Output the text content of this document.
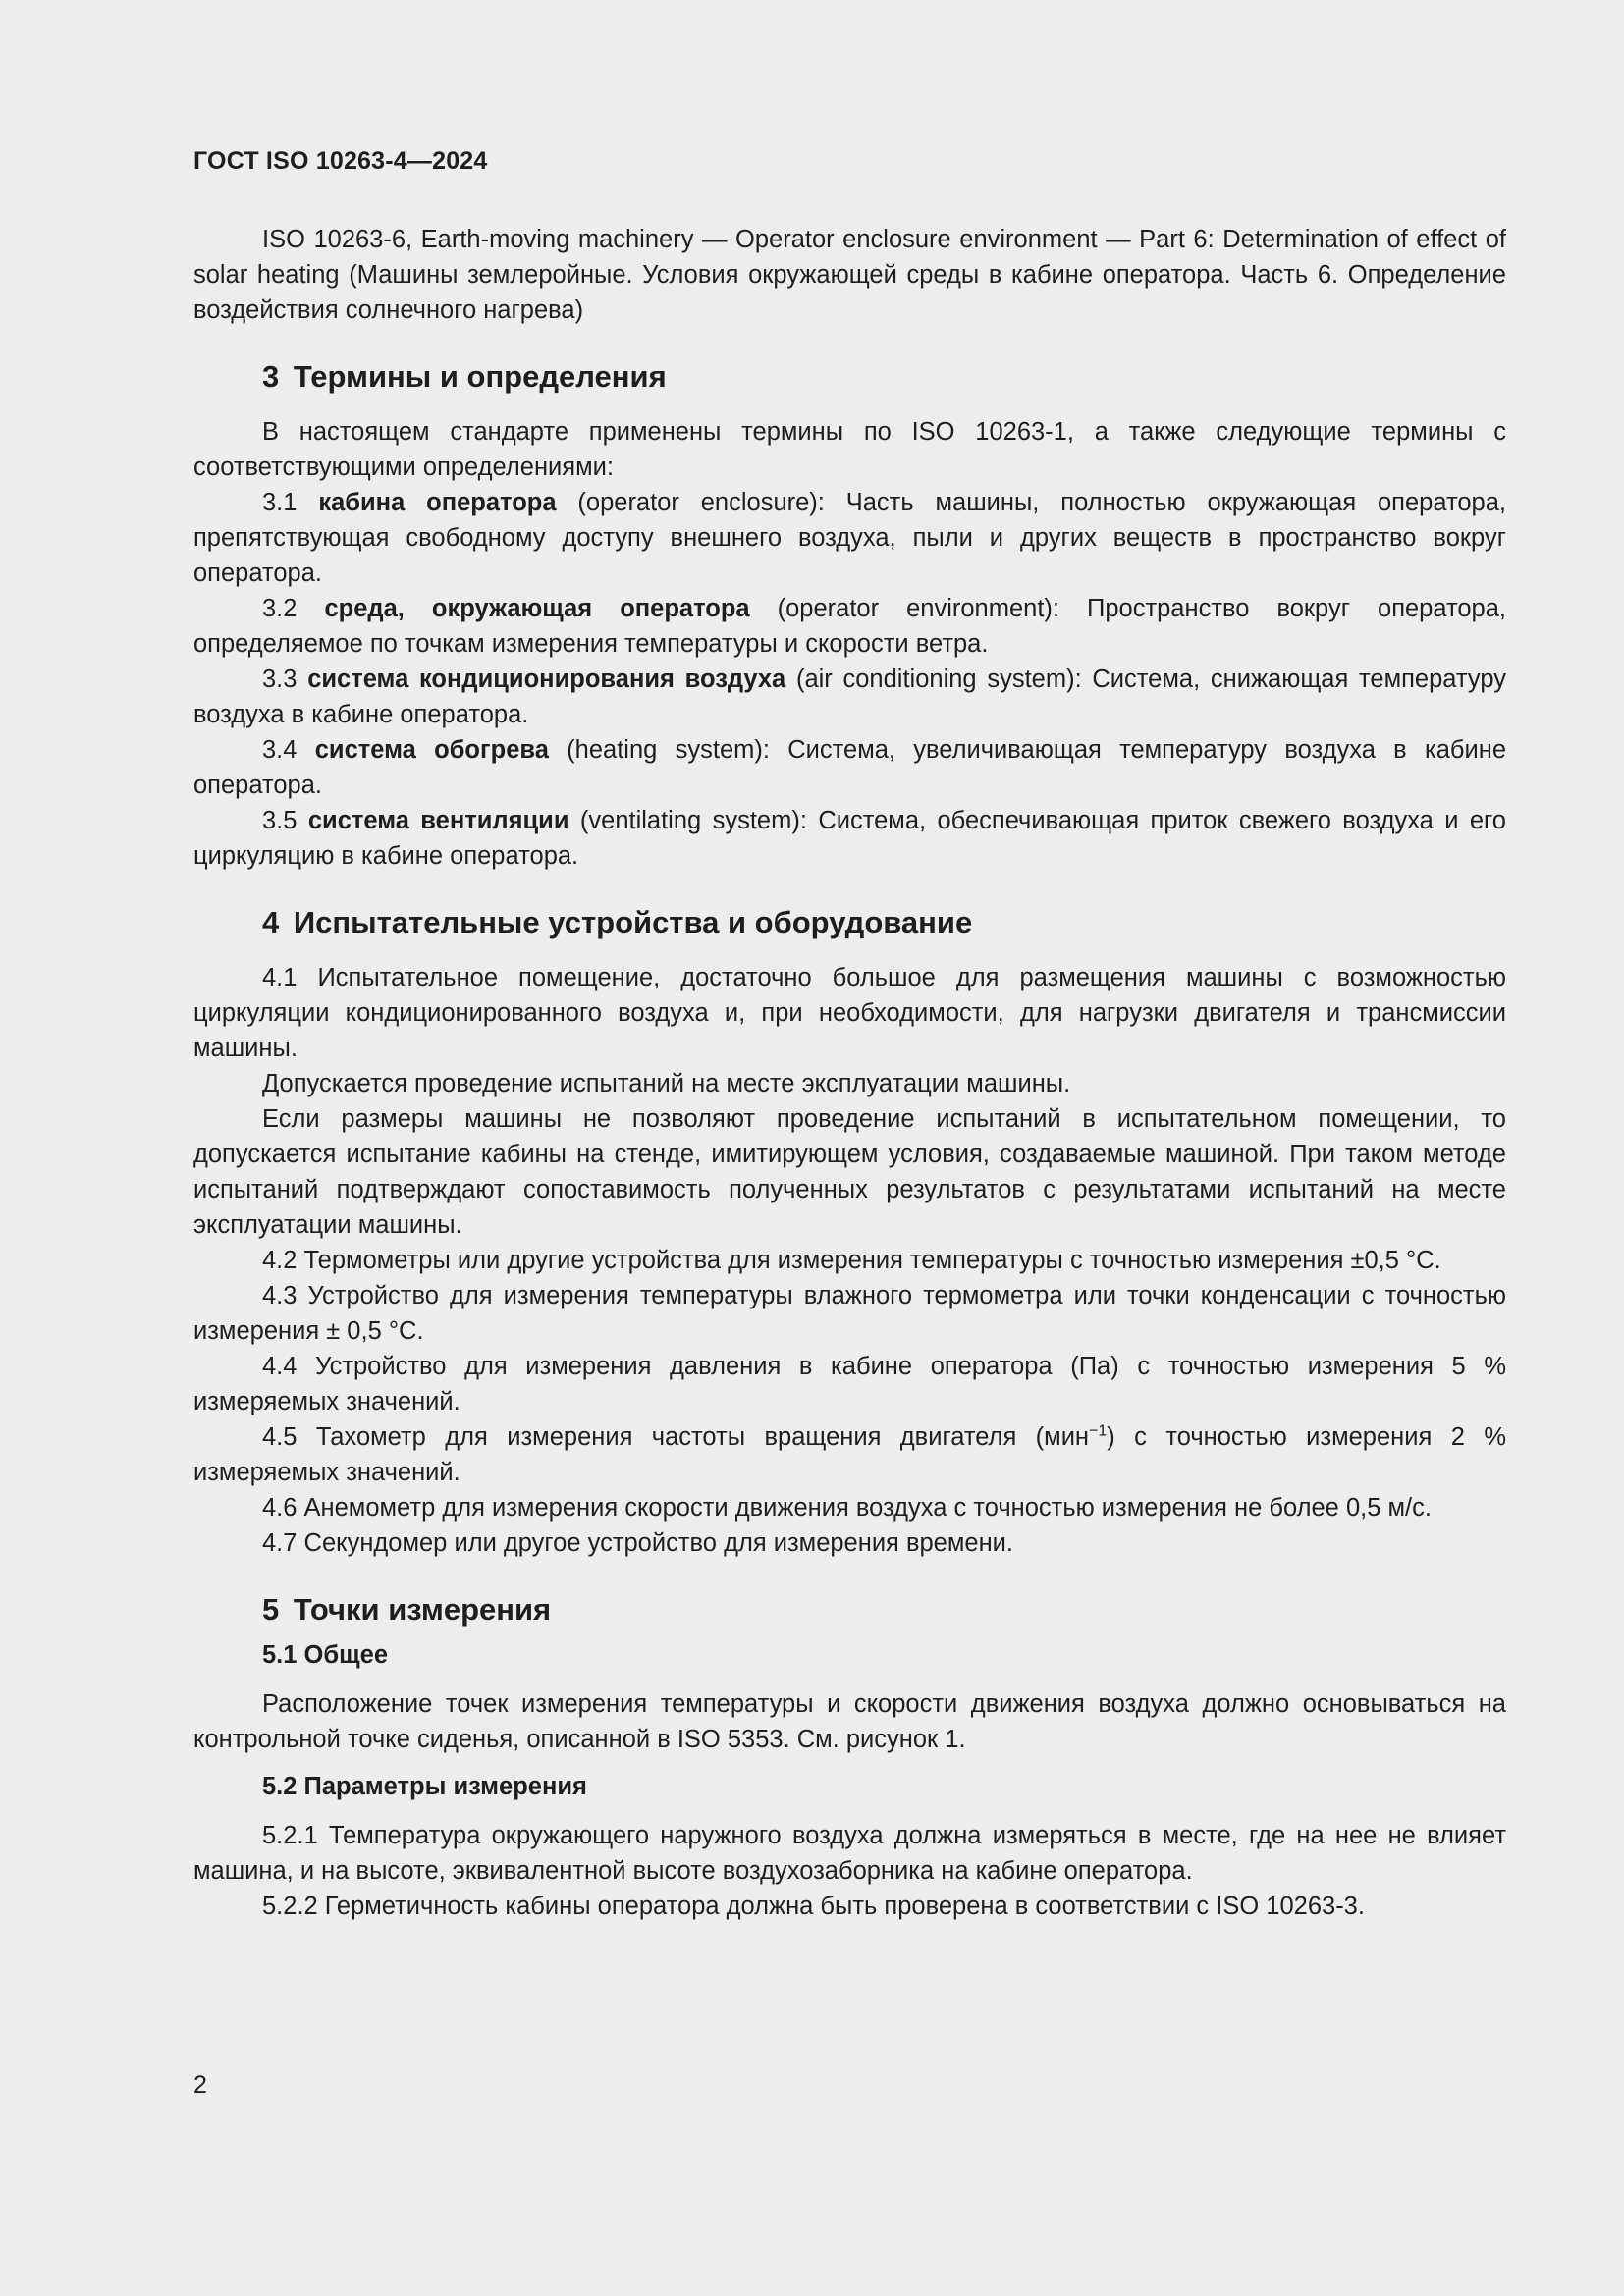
ГОСТ ISO 10263-4—2024

ISO 10263-6, Earth-moving machinery — Operator enclosure environment — Part 6: Determination of effect of solar heating (Машины землеройные. Условия окружающей среды в кабине оператора. Часть 6. Определение воздействия солнечного нагрева)

3 Термины и определения

В настоящем стандарте применены термины по ISO 10263-1, а также следующие термины с соответствующими определениями:

3.1 кабина оператора (operator enclosure): Часть машины, полностью окружающая оператора, препятствующая свободному доступу внешнего воздуха, пыли и других веществ в пространство вокруг оператора.

3.2 среда, окружающая оператора (operator environment): Пространство вокруг оператора, определяемое по точкам измерения температуры и скорости ветра.

3.3 система кондиционирования воздуха (air conditioning system): Система, снижающая температуру воздуха в кабине оператора.

3.4 система обогрева (heating system): Система, увеличивающая температуру воздуха в кабине оператора.

3.5 система вентиляции (ventilating system): Система, обеспечивающая приток свежего воздуха и его циркуляцию в кабине оператора.

4 Испытательные устройства и оборудование

4.1 Испытательное помещение, достаточно большое для размещения машины с возможностью циркуляции кондиционированного воздуха и, при необходимости, для нагрузки двигателя и трансмиссии машины.

Допускается проведение испытаний на месте эксплуатации машины.

Если размеры машины не позволяют проведение испытаний в испытательном помещении, то допускается испытание кабины на стенде, имитирующем условия, создаваемые машиной. При таком методе испытаний подтверждают сопоставимость полученных результатов с результатами испытаний на месте эксплуатации машины.

4.2 Термометры или другие устройства для измерения температуры с точностью измерения ±0,5 °С.

4.3 Устройство для измерения температуры влажного термометра или точки конденсации с точностью измерения ± 0,5 °С.

4.4 Устройство для измерения давления в кабине оператора (Па) с точностью измерения 5 % измеряемых значений.

4.5 Тахометр для измерения частоты вращения двигателя (мин$^{-1}$) с точностью измерения 2 % измеряемых значений.

4.6 Анемометр для измерения скорости движения воздуха с точностью измерения не более 0,5 м/с.

4.7 Секундомер или другое устройство для измерения времени.

5 Точки измерения
5.1 Общее

Расположение точек измерения температуры и скорости движения воздуха должно основываться на контрольной точке сиденья, описанной в ISO 5353. См. рисунок 1.

5.2 Параметры измерения

5.2.1 Температура окружающего наружного воздуха должна измеряться в месте, где на нее не влияет машина, и на высоте, эквивалентной высоте воздухозаборника на кабине оператора.

5.2.2 Герметичность кабины оператора должна быть проверена в соответствии с ISO 10263-3.

2
